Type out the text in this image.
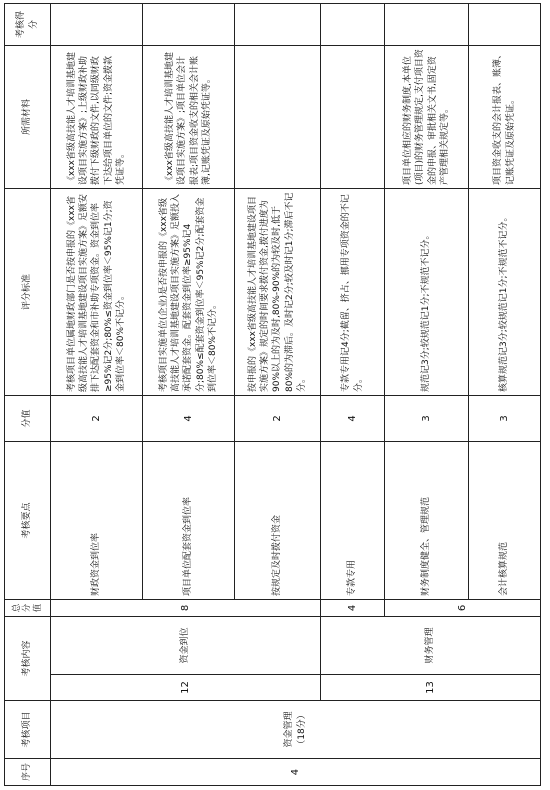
序号	考核项目	考核内容		总分值	考核要点	分值	评分标准	所需材料	考核得分
4	资金管理（18分）	12	资金到位	8	财政资金到位率	2	考核项目单位属地财政部门是否按申报的《xxx省级高技能人才培训基地建设项目实施方案》足额安排下达配套资金和市补助专项资金。资金到位率≥95%记2分;80%≤资金到位率＜95%记1分;资金到位率＜80%不记分。	《xxx省级高技能人才培训基地建设项目实施方案》;上级财政补助拨付下级财政的文件,以同级财政下达给项目单位的文件;资金拨款凭证等。	
					项目单位配套资金到位率	4	考核项目实施单位(企业)是否按申报的《xxx省级高技能人才培训基地建设项目实施方案》足额投入承诺配套资金。配套资金到位率≥95%记4分;80%≤配套资金到位率＜95%记2分;配套资金到位率＜80%不记分。	《xxx省级高技能人才培训基地建设项目实施方案》;项目单位会计报表;项目资金收支的相关会计账簿,记账凭证及原始凭证等。	
					按规定及时拨付资金	2	按申报的《xxx省级高技能人才培训基地建设项目实施方案》规定的时间要求拨付资金,拨付进度为90%以上的为及时,80%-90%的为较及时,低于80%的为滞后。及时记2分;较及时记1分;滞后不记分。		
		13	财务管理	4	专款专用	4	专款专用记4分;截留、挤占、挪用专项资金的不记分。		
				6	财务制度健全、管理规范	3	规范记3分;较规范记1分;不规范不记分。	项目单位相应的财务制度,本单位(项目)的财务管理规定,支付项目资金的申报、审批相关文书,固定资产管理相关规定等。	
					会计核算规范	3	核算规范记3分;较规范记1分;不规范不记分。	项目资金收支的会计报表、账簿、记账凭证及原始凭证。	
